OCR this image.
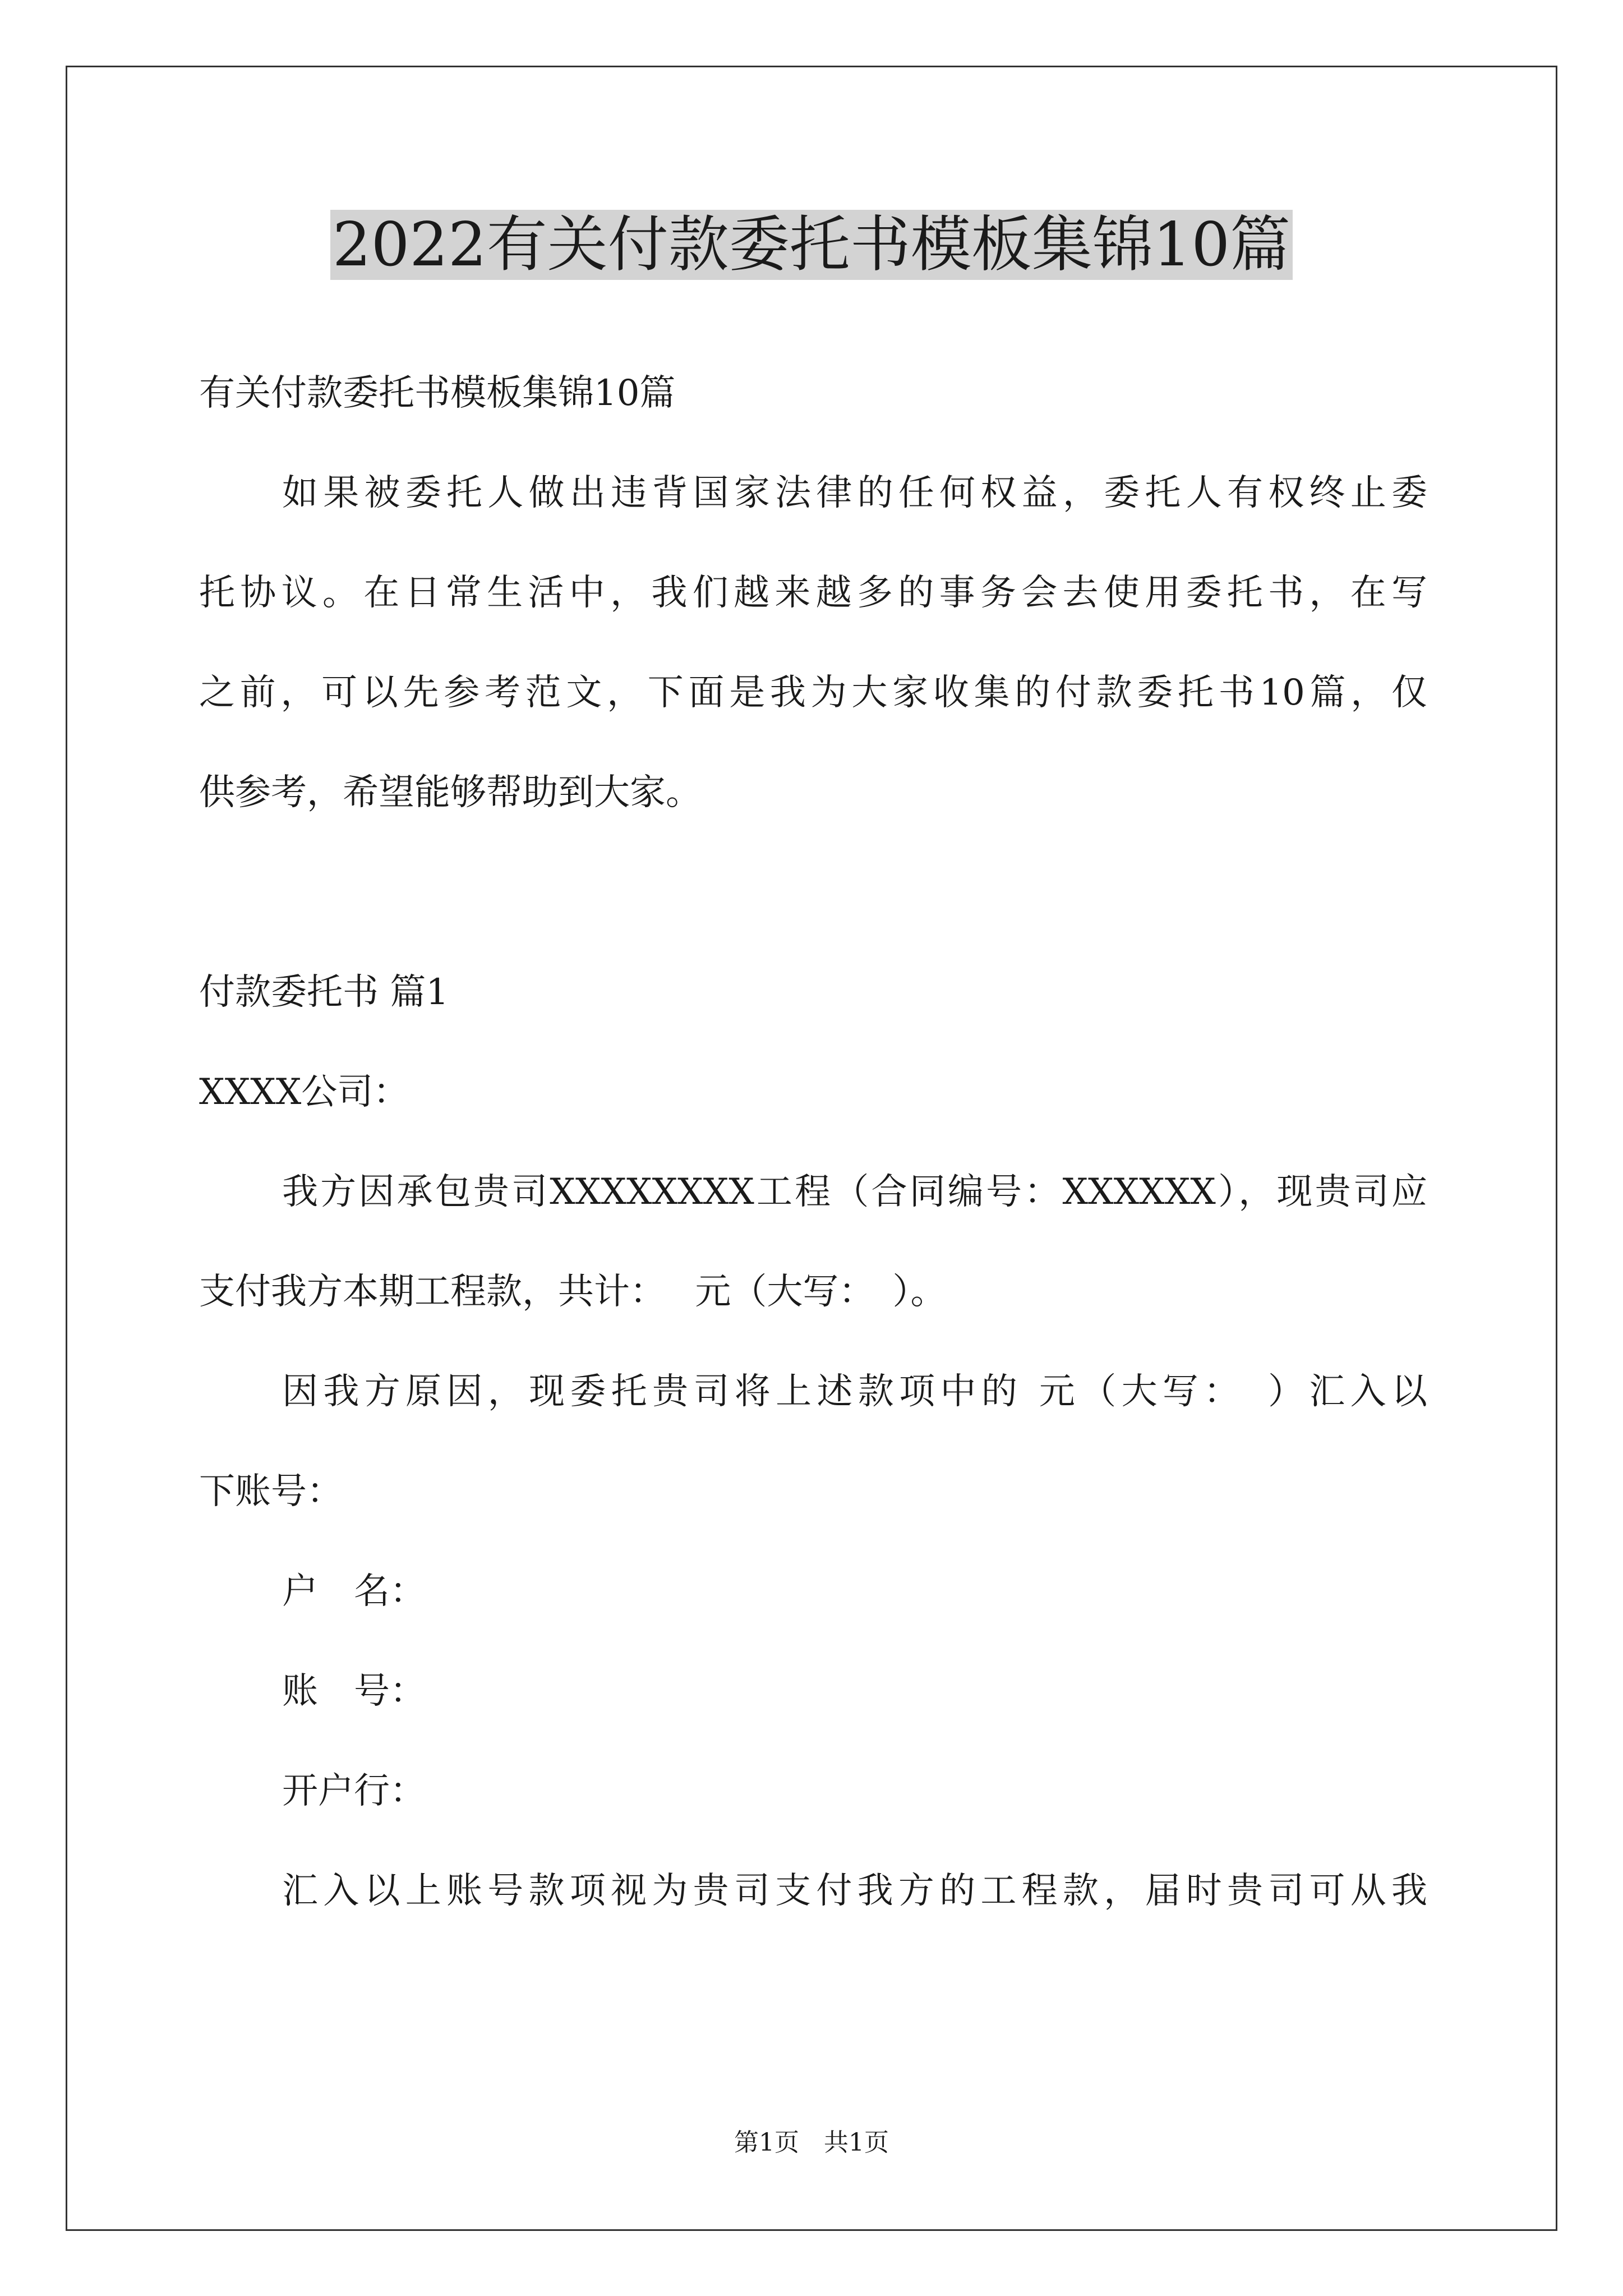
2022有关付款委托书模板集锦10篇
有关付款委托书模板集锦10篇
如果被委托人做出违背国家法律的任何权益，委托人有权终止委
托协议。在日常生活中，我们越来越多的事务会去使用委托书，在写
之前，可以先参考范文，下面是我为大家收集的付款委托书10篇，仅
供参考，希望能够帮助到大家。
付款委托书 篇1
XXXX公司：
我方因承包贵司XXXXXXXX工程（合同编号：XXXXXX），现贵司应
支付我方本期工程款，共计：　 元（大写：　）。
因我方原因，现委托贵司将上述款项中的 元（大写：　）汇入以
下账号：
户　名：
账　号：
开户行：
汇入以上账号款项视为贵司支付我方的工程款，届时贵司可从我
第1页　共1页
